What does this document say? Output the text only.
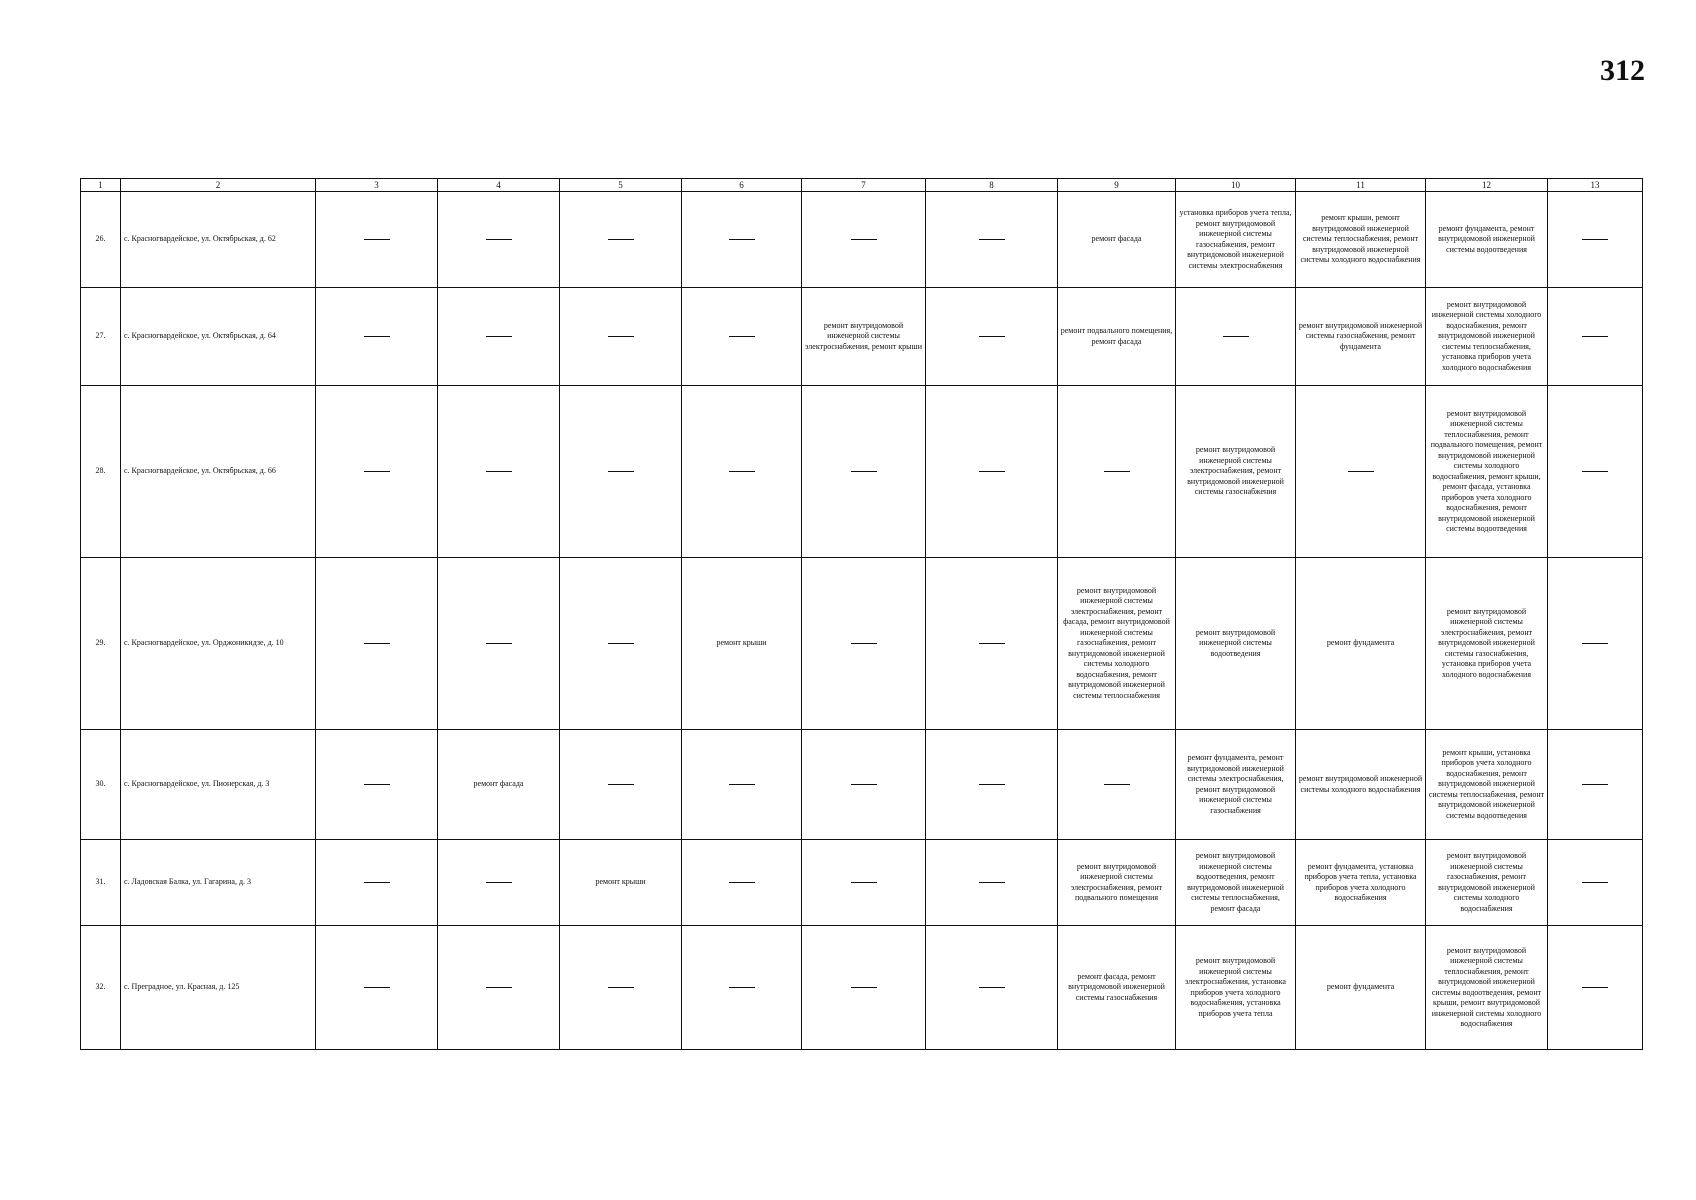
312
1	2	3	4	5	6	7	8	9	10	11	12	13
26.	с. Красногвардейское, ул. Октябрьская, д. 62							ремонт фасада	установка приборов учета тепла, ремонт внутридомовой инженерной системы газоснабжения, ремонт внутридомовой инженерной системы электроснабжения	ремонт крыши, ремонт внутридомовой инженерной системы теплоснабжения, ремонт внутридомовой инженерной системы холодного водоснабжения	ремонт фундамента, ремонт внутридомовой инженерной системы водоотведения	
27.	с. Красногвардейское, ул. Октябрьская, д. 64					ремонт внутридомовой инженерной системы электроснабжения, ремонт крыши		ремонт подвального помещения, ремонт фасада		ремонт внутридомовой инженерной системы газоснабжения, ремонт фундамента	ремонт внутридомовой инженерной системы холодного водоснабжения, ремонт внутридомовой инженерной системы теплоснабжения, установка приборов учета холодного водоснабжения	
28.	с. Красногвардейское, ул. Октябрьская, д. 66								ремонт внутридомовой инженерной системы электроснабжения, ремонт внутридомовой инженерной системы газоснабжения		ремонт внутридомовой инженерной системы теплоснабжения, ремонт подвального помещения, ремонт внутридомовой инженерной системы холодного водоснабжения, ремонт крыши, ремонт фасада, установка приборов учета холодного водоснабжения, ремонт внутридомовой инженерной системы водоотведения	
29.	с. Красногвардейское, ул. Орджоникидзе, д. 10				ремонт крыши			ремонт внутридомовой инженерной системы электроснабжения, ремонт фасада, ремонт внутридомовой инженерной системы газоснабжения, ремонт внутридомовой инженерной системы холодного водоснабжения, ремонт внутридомовой инженерной системы теплоснабжения	ремонт внутридомовой инженерной системы водоотведения	ремонт фундамента	ремонт внутридомовой инженерной системы электроснабжения, ремонт внутридомовой инженерной системы газоснабжения, установка приборов учета холодного водоснабжения	
30.	с. Красногвардейское, ул. Пионерская, д. 3		ремонт фасада						ремонт фундамента, ремонт внутридомовой инженерной системы электроснабжения, ремонт внутридомовой инженерной системы газоснабжения	ремонт внутридомовой инженерной системы холодного водоснабжения	ремонт крыши, установка приборов учета холодного водоснабжения, ремонт внутридомовой инженерной системы теплоснабжения, ремонт внутридомовой инженерной системы водоотведения	
31.	с. Ладовская Балка, ул. Гагарина, д. 3			ремонт крыши				ремонт внутридомовой инженерной системы электроснабжения, ремонт подвального помещения	ремонт внутридомовой инженерной системы водоотведения, ремонт внутридомовой инженерной системы теплоснабжения, ремонт фасада	ремонт фундамента, установка приборов учета тепла, установка приборов учета холодного водоснабжения	ремонт внутридомовой инженерной системы газоснабжения, ремонт внутридомовой инженерной системы холодного водоснабжения	
32.	с. Преградное, ул. Красная, д. 125							ремонт фасада, ремонт внутридомовой инженерной системы газоснабжения	ремонт внутридомовой инженерной системы электроснабжения, установка приборов учета холодного водоснабжения, установка приборов учета тепла	ремонт фундамента	ремонт внутридомовой инженерной системы теплоснабжения, ремонт внутридомовой инженерной системы водоотведения, ремонт крыши, ремонт внутридомовой инженерной системы холодного водоснабжения	
